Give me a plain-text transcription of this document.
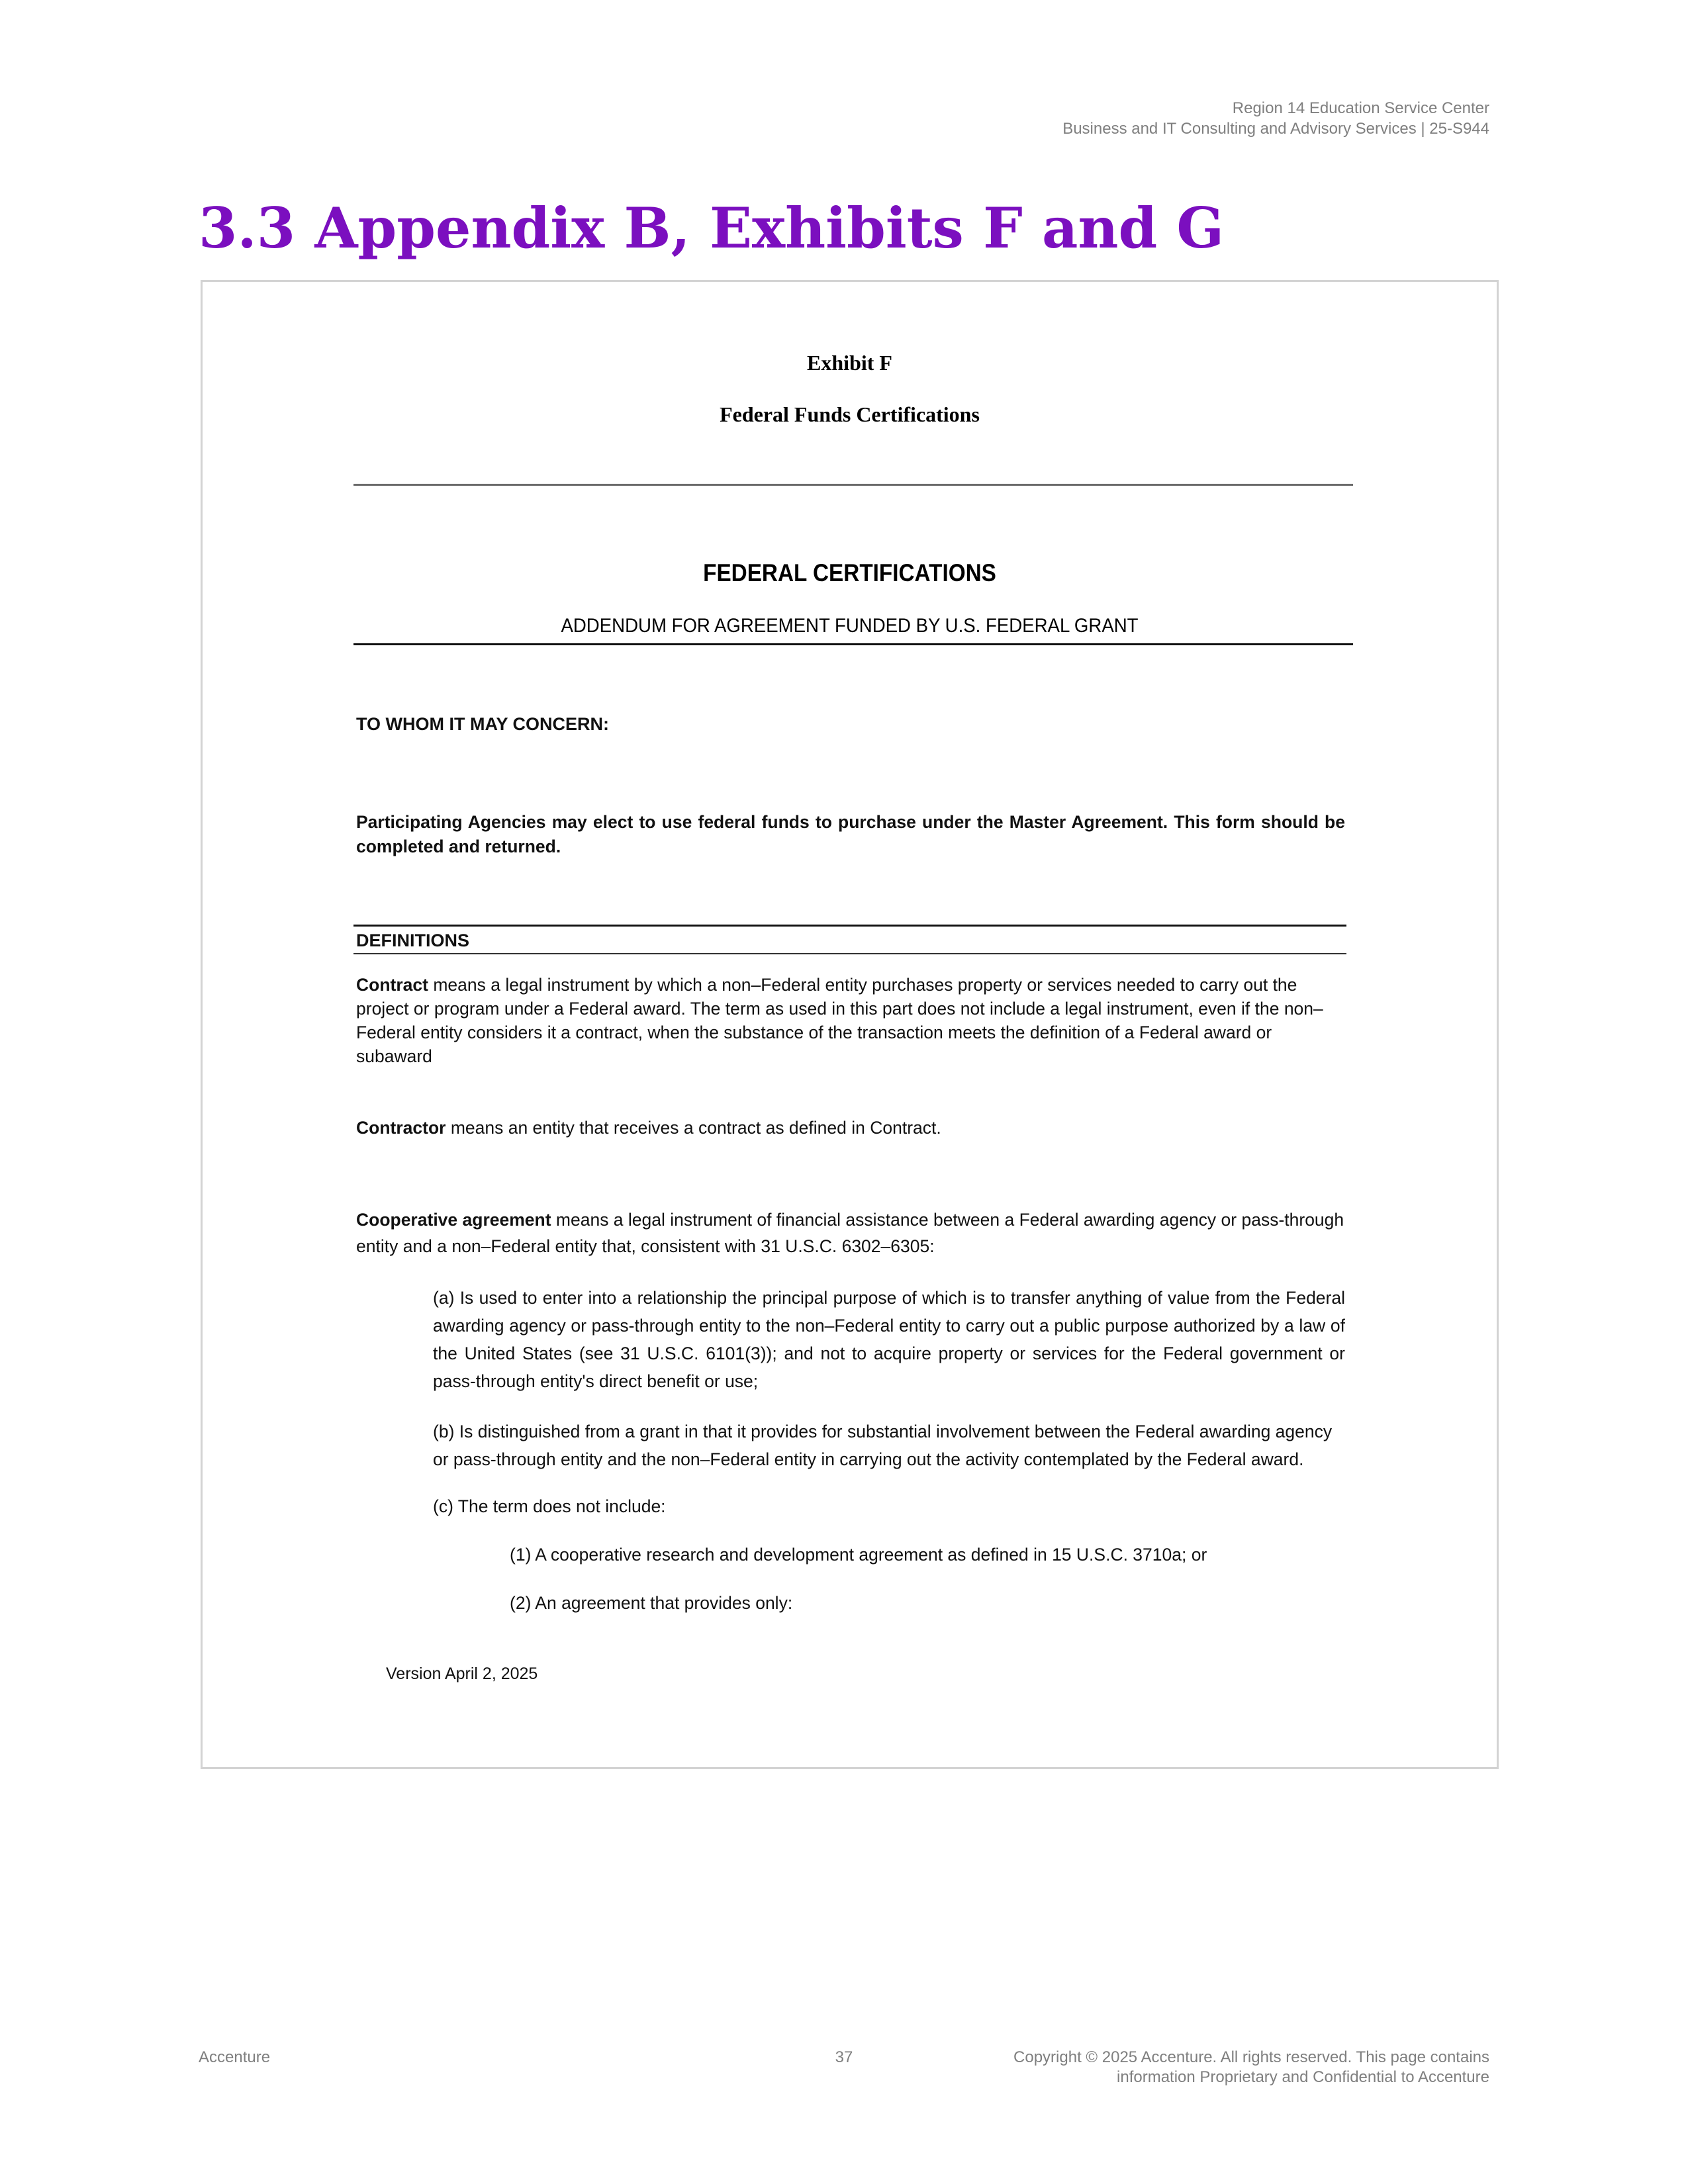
Region 14 Education Service Center
Business and IT Consulting and Advisory Services | 25-S944
3.3 Appendix B, Exhibits F and G
Exhibit F
Federal Funds Certifications
FEDERAL CERTIFICATIONS
ADDENDUM FOR AGREEMENT FUNDED BY U.S. FEDERAL GRANT
TO WHOM IT MAY CONCERN:
Participating Agencies may elect to use federal funds to purchase under the Master Agreement. This form should be completed and returned.
DEFINITIONS
Contract means a legal instrument by which a non–Federal entity purchases property or services needed to carry out the project or program under a Federal award. The term as used in this part does not include a legal instrument, even if the non–Federal entity considers it a contract, when the substance of the transaction meets the definition of a Federal award or subaward
Contractor means an entity that receives a contract as defined in Contract.
Cooperative agreement means a legal instrument of financial assistance between a Federal awarding agency or pass-through entity and a non–Federal entity that, consistent with 31 U.S.C. 6302–6305:
(a) Is used to enter into a relationship the principal purpose of which is to transfer anything of value from the Federal awarding agency or pass-through entity to the non–Federal entity to carry out a public purpose authorized by a law of the United States (see 31 U.S.C. 6101(3)); and not to acquire property or services for the Federal government or pass-through entity's direct benefit or use;
(b) Is distinguished from a grant in that it provides for substantial involvement between the Federal awarding agency or pass-through entity and the non–Federal entity in carrying out the activity contemplated by the Federal award.
(c) The term does not include:
(1) A cooperative research and development agreement as defined in 15 U.S.C. 3710a; or
(2) An agreement that provides only:
Version April 2, 2025
Accenture	37	Copyright © 2025 Accenture. All rights reserved. This page contains
information Proprietary and Confidential to Accenture
